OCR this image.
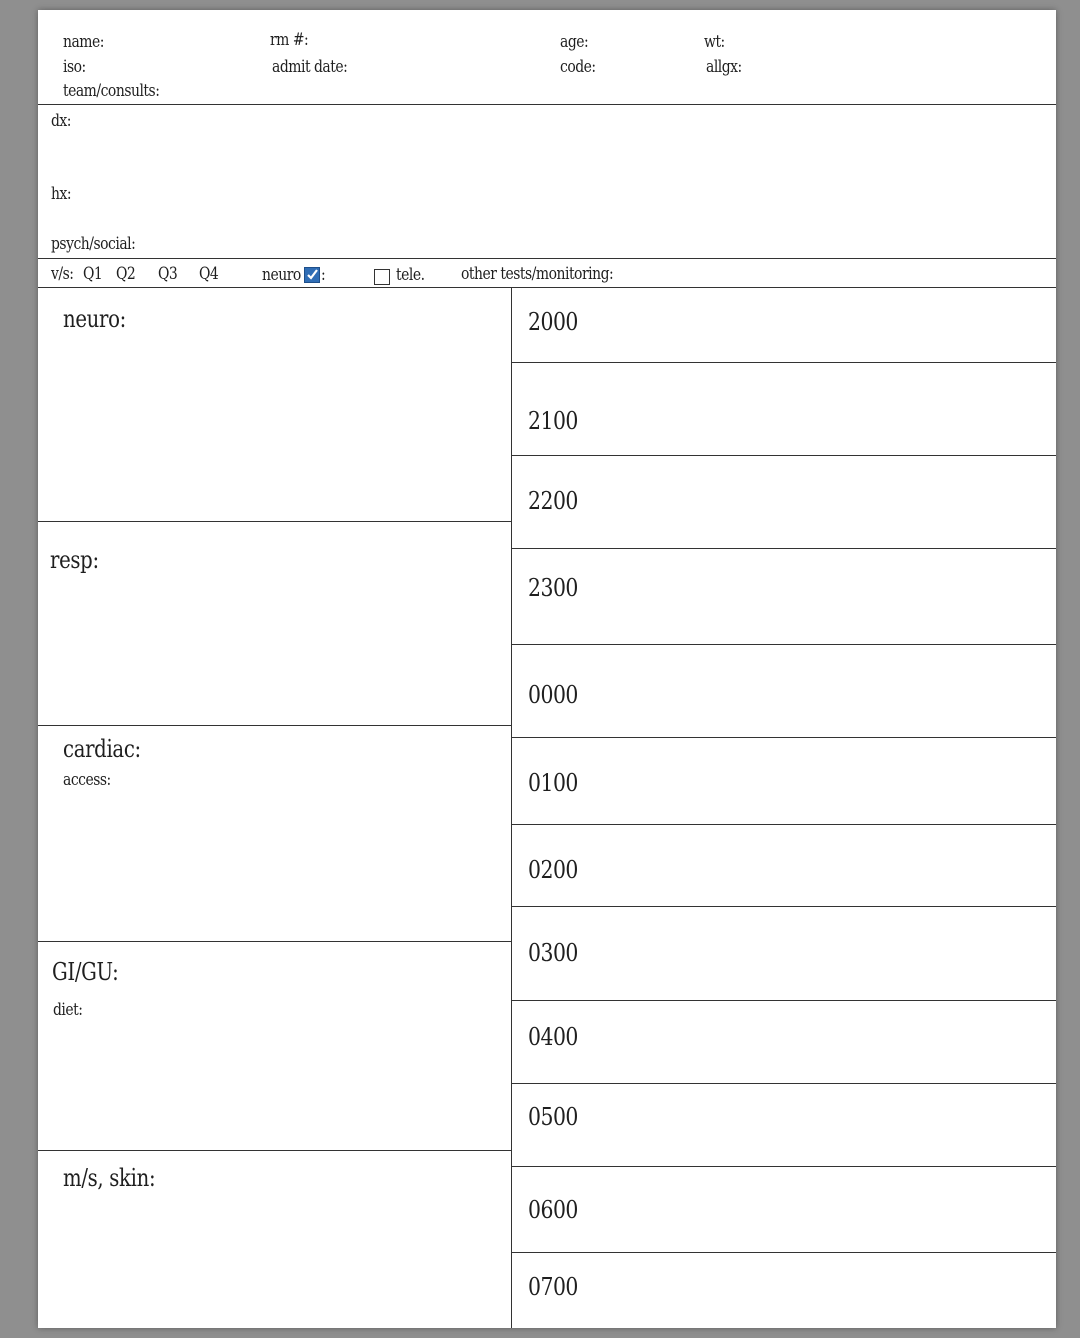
name:
iso:
team/consults:
rm #:
admit date:
age:
code:
wt:
allgx:
dx:
hx:
psych/social:
v/s: Q1 Q2 Q3 Q4	neuro :	tele. other tests/monitoring:
neuro:
resp:
cardiac:
access:
GI/GU:
diet:
m/s, skin:
2000
2100
2200
2300
0000
0100
0200
0300
0400
0500
0600
0700
